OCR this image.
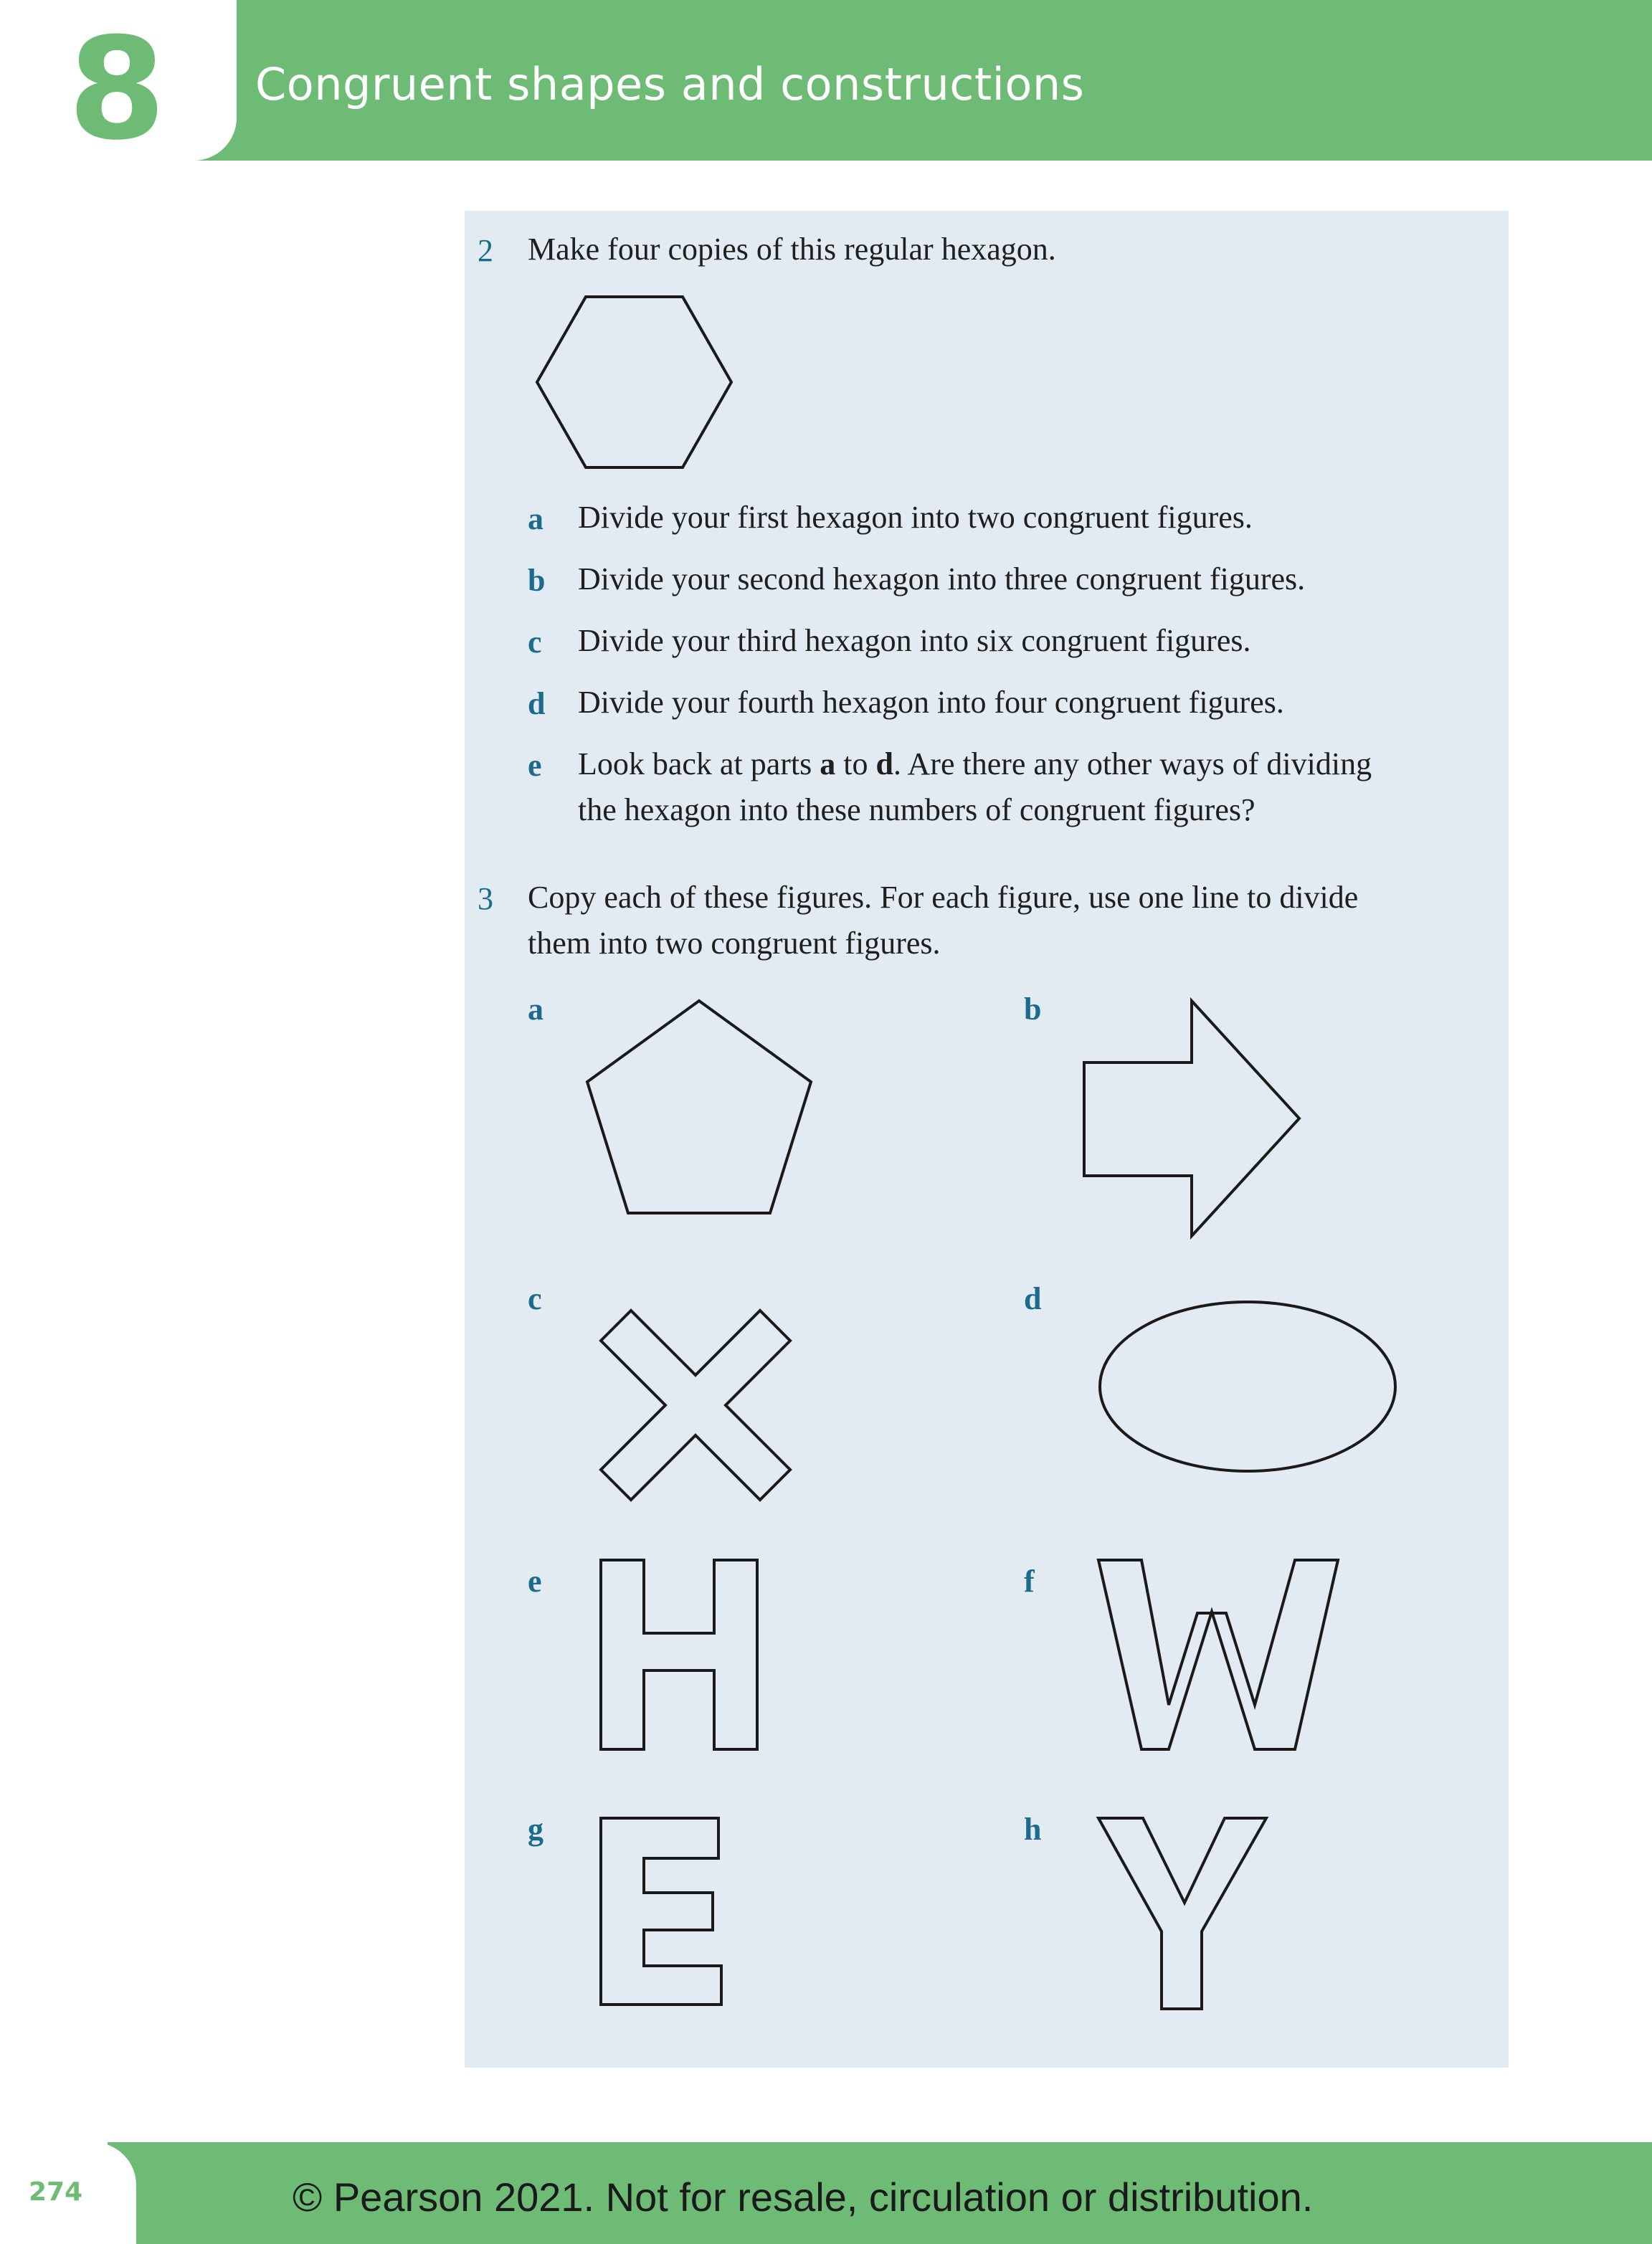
8 Congruent shapes and constructions
2 Make four copies of this regular hexagon.
a Divide your first hexagon into two congruent figures.
b Divide your second hexagon into three congruent figures.
c Divide your third hexagon into six congruent figures.
d Divide your fourth hexagon into four congruent figures.
e Look back at parts a to d. Are there any other ways of dividing
the hexagon into these numbers of congruent figures?
3 Copy each of these figures. For each figure, use one line to divide
them into two congruent figures.
a	b
c	d
e	f
g	h
274	© Pearson 2021. Not for resale, circulation or distribution.
